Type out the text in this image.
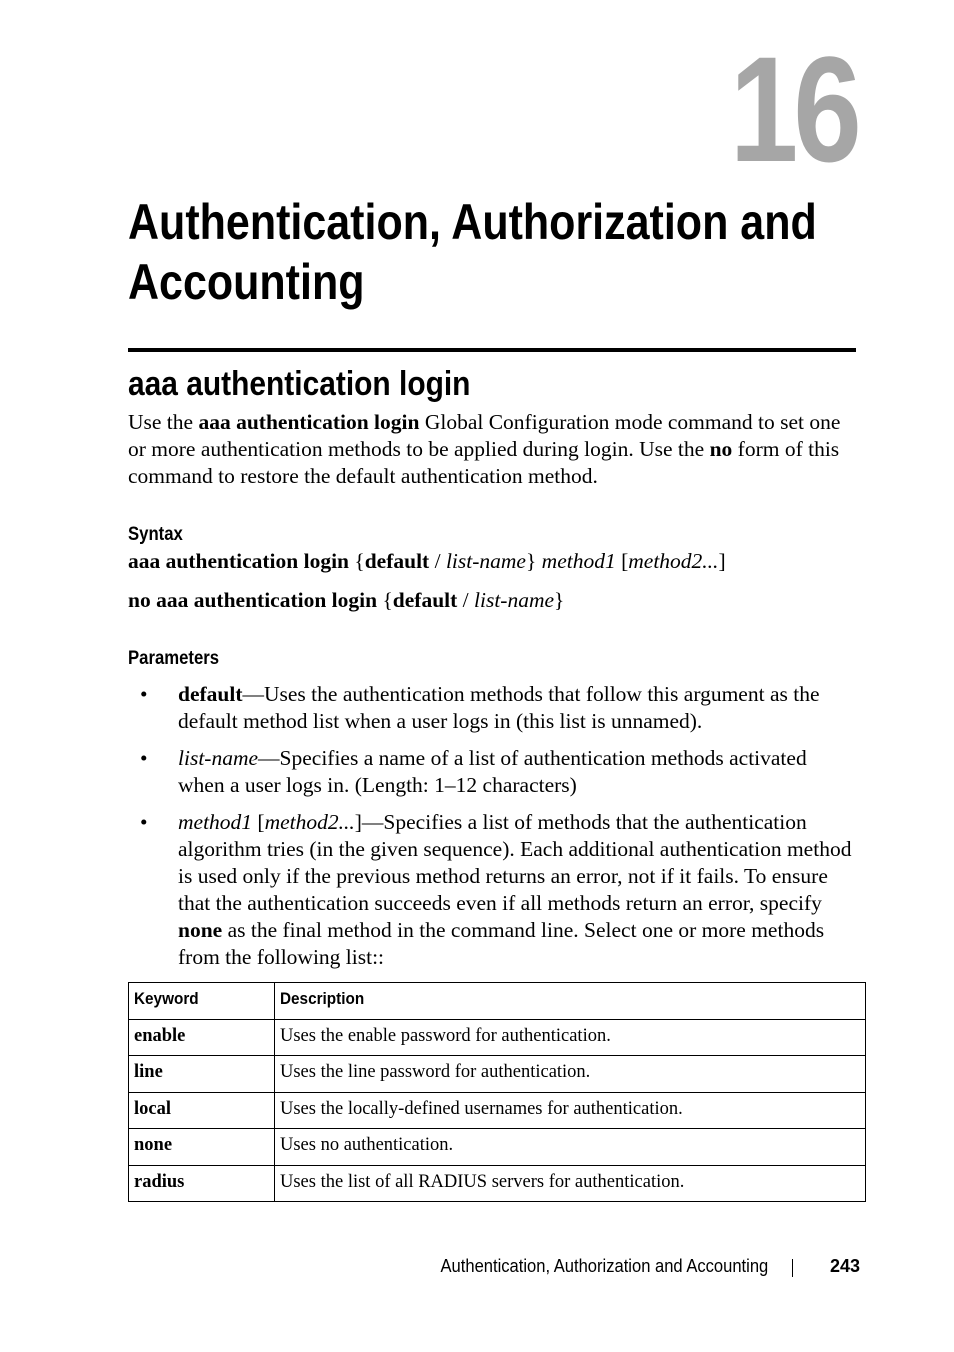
16
Authentication, Authorization and Accounting
aaa authentication login

Use the aaa authentication login Global Configuration mode command to set one or more authentication methods to be applied during login. Use the no form of this command to restore the default authentication method.

Syntax

aaa authentication login {default / list-name} method1 [method2...]

no aaa authentication login {default / list-name}

Parameters
• default—Uses the authentication methods that follow this argument as the default method list when a user logs in (this list is unnamed).
• list-name—Specifies a name of a list of authentication methods activated when a user logs in. (Length: 1–12 characters)
• method1 [method2...]—Specifies a list of methods that the authentication algorithm tries (in the given sequence). Each additional authentication method is used only if the previous method returns an error, not if it fails. To ensure that the authentication succeeds even if all methods return an error, specify none as the final method in the command line. Select one or more methods from the following list::
Keyword	Description
enable	Uses the enable password for authentication.
line	Uses the line password for authentication.
local	Uses the locally-defined usernames for authentication.
none	Uses no authentication.
radius	Uses the list of all RADIUS servers for authentication.
Authentication, Authorization and Accounting	243
